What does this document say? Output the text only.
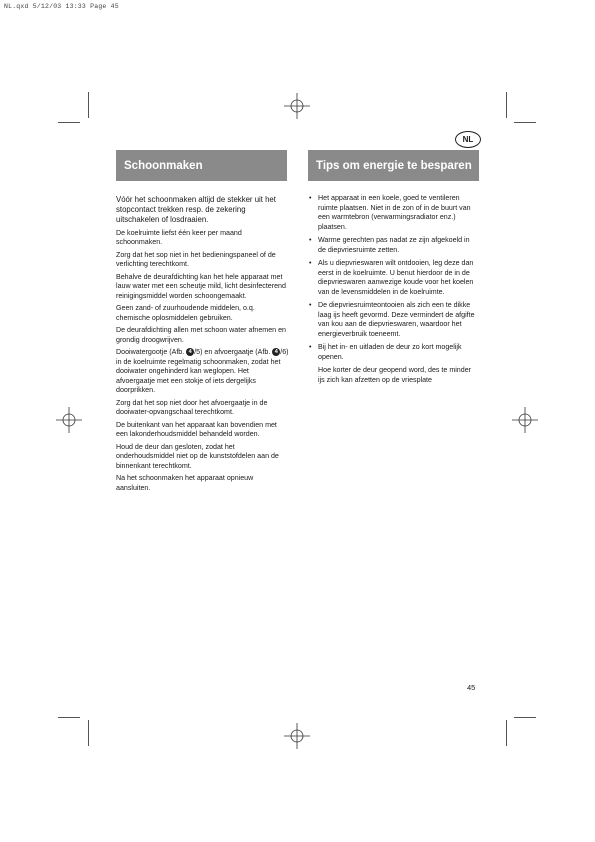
NL.qxd 5/12/03 13:33 Page 45
NL
Schoonmaken	Tips om energie te besparen

Vóór het schoonmaken altijd de stekker uit het stopcontact trekken resp. de zekering uitschakelen of losdraaien.

De koelruimte liefst één keer per maand schoonmaken.

Zorg dat het sop niet in het bedieningspaneel of de verlichting terechtkomt.

Behalve de deurafdichting kan het hele apparaat met lauw water met een scheutje mild, licht desinfecterend reinigingsmiddel worden schoongemaakt.

Geen zand- of zuurhoudende middelen, o.q. chemische oplosmiddelen gebruiken.

De deurafdichting allen met schoon water afnemen en grondig droogwrijven.

Dooiwatergootje (Afb. 4 /5) en afvoergaatje (Afb. 4 /6) in de koelruimte regelmatig schoonmaken, zodat het dooiwater ongehinderd kan weglopen. Het afvoergaatje met een stokje of iets dergelijks doorprikken.

Zorg dat het sop niet door het afvoergaatje in de dooiwater-opvangschaal terechtkomt.

De buitenkant van het apparaat kan bovendien met een lakonderhoudsmiddel behandeld worden.

Houd de deur dan gesloten, zodat het onderhoudsmiddel niet op de kunststofdelen aan de binnenkant terechtkomt.

Na het schoonmaken het apparaat opnieuw aansluiten.

• Het apparaat in een koele, goed te ventileren ruimte plaatsen. Niet in de zon of in de buurt van een warmtebron (verwarmingsradiator enz.) plaatsen.
• Warme gerechten pas nadat ze zijn afgekoeld in de diepvriesruimte zetten.
• Als u diepvrieswaren wilt ontdooien, leg deze dan eerst in de koelruimte. U benut hierdoor de in de diepvrieswaren aanwezige koude voor het koelen van de levensmiddelen in de koelruimte.
• De diepvriesruimteontooien als zich een te dikke laag ijs heeft gevormd. Deze vermindert de afgifte van kou aan de diepvrieswaren, waardoor het energieverbruik toeneemt.
• Bij het in- en uitladen de deur zo kort mogelijk openen.

Hoe korter de deur geopend word, des te minder ijs zich kan afzetten op de vriesplate

45
